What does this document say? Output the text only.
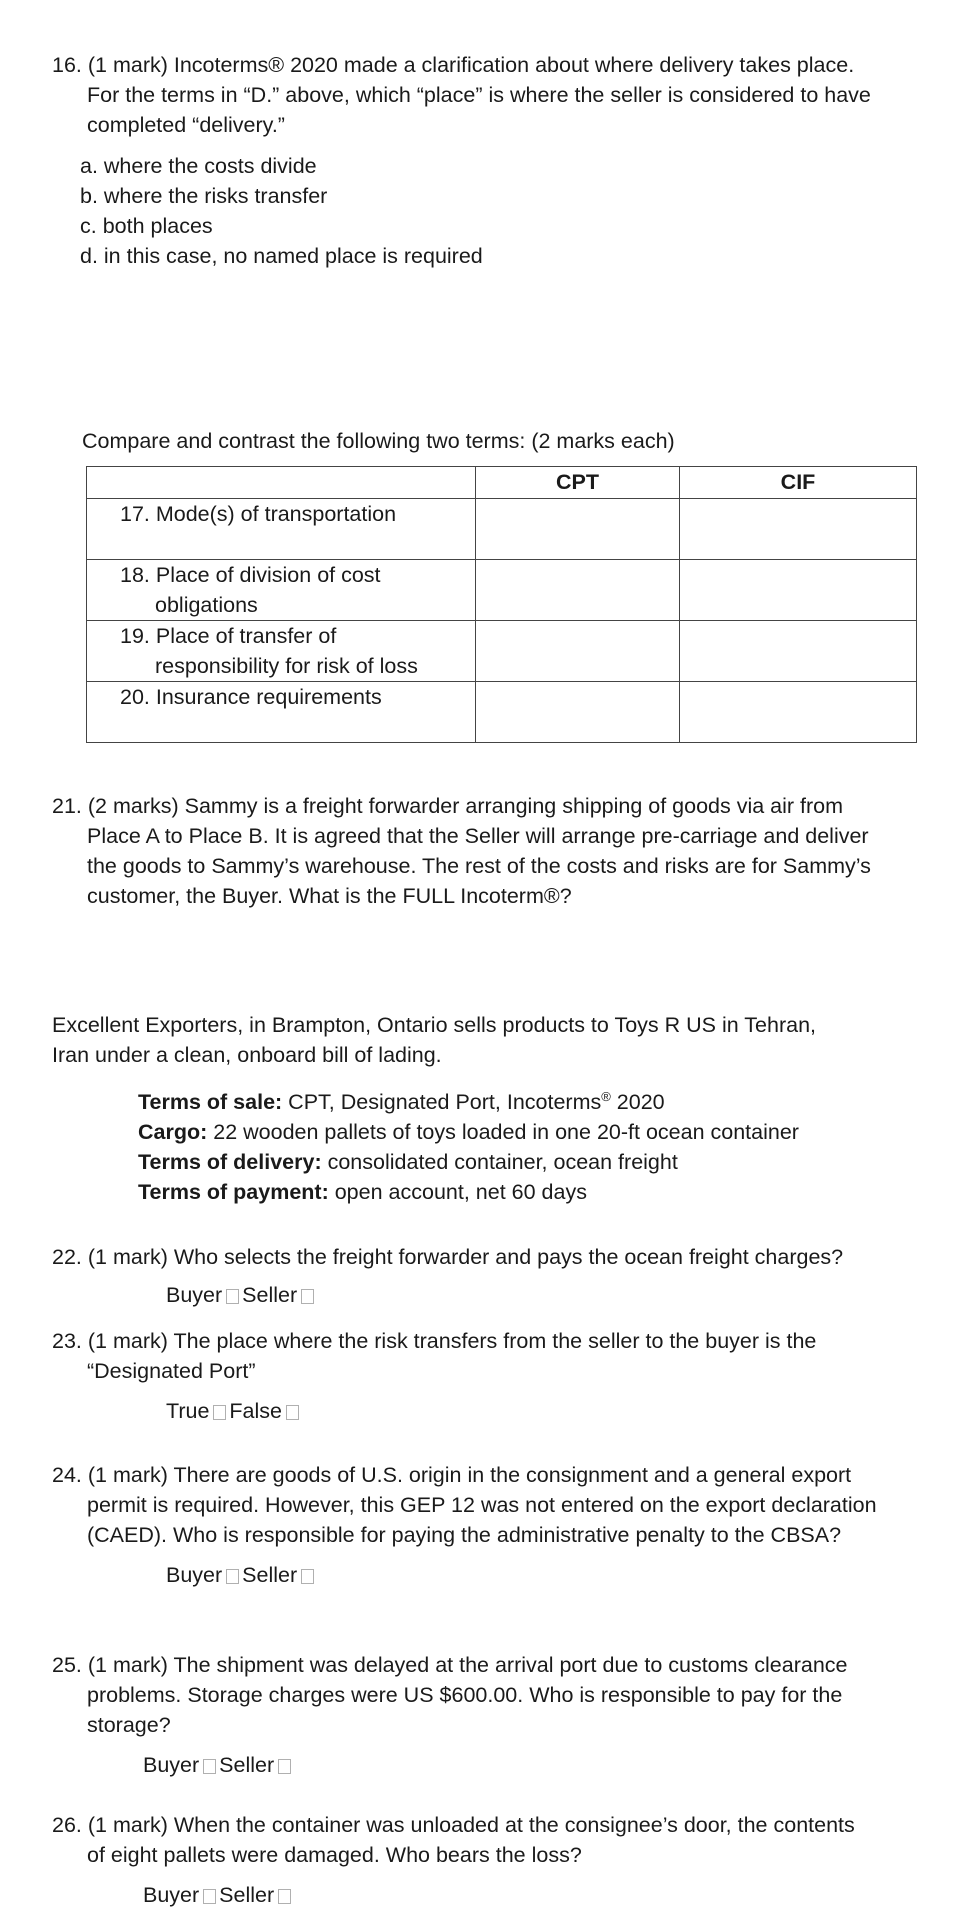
16. (1 mark) Incoterms® 2020 made a clarification about where delivery takes place.
For the terms in “D.” above, which “place” is where the seller is considered to have
completed “delivery.”
a. where the costs divide
b. where the risks transfer
c. both places
d. in this case, no named place is required
Compare and contrast the following two terms: (2 marks each)
	CPT	CIF

17. Mode(s) of transportation		

18. Place of division of cost
obligations		

19. Place of transfer of
responsibility for risk of loss		

20. Insurance requirements		

21. (2 marks) Sammy is a freight forwarder arranging shipping of goods via air from
Place A to Place B. It is agreed that the Seller will arrange pre-carriage and deliver
the goods to Sammy’s warehouse. The rest of the costs and risks are for Sammy’s
customer, the Buyer. What is the FULL Incoterm®?
Excellent Exporters, in Brampton, Ontario sells products to Toys R US in Tehran,
Iran under a clean, onboard bill of lading.
Terms of sale: CPT, Designated Port, Incoterms® 2020
Cargo: 22 wooden pallets of toys loaded in one 20-ft ocean container
Terms of delivery: consolidated container, ocean freight
Terms of payment: open account, net 60 days
22. (1 mark) Who selects the freight forwarder and pays the ocean freight charges?
Buyer Seller
23. (1 mark) The place where the risk transfers from the seller to the buyer is the
“Designated Port”
True False
24. (1 mark) There are goods of U.S. origin in the consignment and a general export
permit is required. However, this GEP 12 was not entered on the export declaration
(CAED). Who is responsible for paying the administrative penalty to the CBSA?
Buyer Seller
25. (1 mark) The shipment was delayed at the arrival port due to customs clearance
problems. Storage charges were US $600.00. Who is responsible to pay for the
storage?
Buyer Seller
26. (1 mark) When the container was unloaded at the consignee’s door, the contents
of eight pallets were damaged. Who bears the loss?
Buyer Seller
